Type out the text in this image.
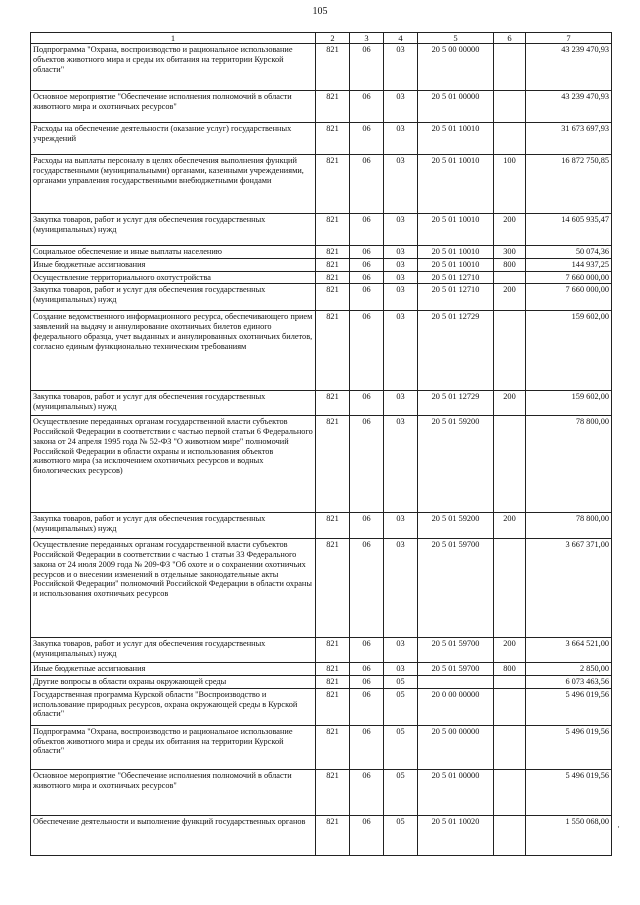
105
1	2	3	4	5	6	7
Подпрограмма "Охрана, воспроизводство и рациональное использование объектов животного мира и среды их обитания на территории Курской области"	821	06	03	20 5 00 00000		43 239 470,93
Основное мероприятие "Обеспечение исполнения полномочий в области животного мира и охотничьих ресурсов"	821	06	03	20 5 01 00000		43 239 470,93
Расходы на обеспечение деятельности (оказание услуг) государственных учреждений	821	06	03	20 5 01 10010		31 673 697,93
Расходы на выплаты персоналу в целях обеспечения выполнения функций государственными (муниципальными) органами, казенными учреждениями, органами управления государственными внебюджетными фондами	821	06	03	20 5 01 10010	100	16 872 750,85
Закупка товаров, работ и услуг для обеспечения государственных (муниципальных) нужд	821	06	03	20 5 01 10010	200	14 605 935,47
Социальное обеспечение и иные выплаты населению	821	06	03	20 5 01 10010	300	50 074,36
Иные бюджетные ассигнования	821	06	03	20 5 01 10010	800	144 937,25
Осуществление территориального охотустройства	821	06	03	20 5 01 12710		7 660 000,00
Закупка товаров, работ и услуг для обеспечения государственных (муниципальных) нужд	821	06	03	20 5 01 12710	200	7 660 000,00
Создание ведомственного информационного ресурса, обеспечивающего прием заявлений на выдачу и аннулирование охотничьих билетов единого федерального образца, учет выданных и аннулированных охотничьих билетов, согласно единым функционально техническим требованиям	821	06	03	20 5 01 12729		159 602,00
Закупка товаров, работ и услуг для обеспечения государственных (муниципальных) нужд	821	06	03	20 5 01 12729	200	159 602,00
Осуществление переданных органам государственной власти субъектов Российской Федерации в соответствии с частью первой статьи 6 Федерального закона от 24 апреля 1995 года № 52-ФЗ "О животном мире" полномочий Российской Федерации в области охраны и использования объектов животного мира (за исключением охотничьих ресурсов и водных биологических ресурсов)	821	06	03	20 5 01 59200		78 800,00
Закупка товаров, работ и услуг для обеспечения государственных (муниципальных) нужд	821	06	03	20 5 01 59200	200	78 800,00
Осуществление переданных органам государственной власти субъектов Российской Федерации в соответствии с частью 1 статьи 33 Федерального закона от 24 июля 2009 года № 209-ФЗ "Об охоте и о сохранении охотничьих ресурсов и о внесении изменений в отдельные законодательные акты Российской Федерации" полномочий Российской Федерации в области охраны и использования охотничьих ресурсов	821	06	03	20 5 01 59700		3 667 371,00
Закупка товаров, работ и услуг для обеспечения государственных (муниципальных) нужд	821	06	03	20 5 01 59700	200	3 664 521,00
Иные бюджетные ассигнования	821	06	03	20 5 01 59700	800	2 850,00
Другие вопросы в области охраны окружающей среды	821	06	05			6 073 463,56
Государственная программа Курской области "Воспроизводство и использование природных ресурсов, охрана окружающей среды в Курской области"	821	06	05	20 0 00 00000		5 496 019,56
Подпрограмма "Охрана, воспроизводство и рациональное использование объектов животного мира и среды их обитания на территории Курской области"	821	06	05	20 5 00 00000		5 496 019,56
Основное мероприятие "Обеспечение исполнения полномочий в области животного мира и охотничьих ресурсов"	821	06	05	20 5 01 00000		5 496 019,56
Обеспечение деятельности и выполнение функций государственных органов	821	06	05	20 5 01 10020		1 550 068,00
·
